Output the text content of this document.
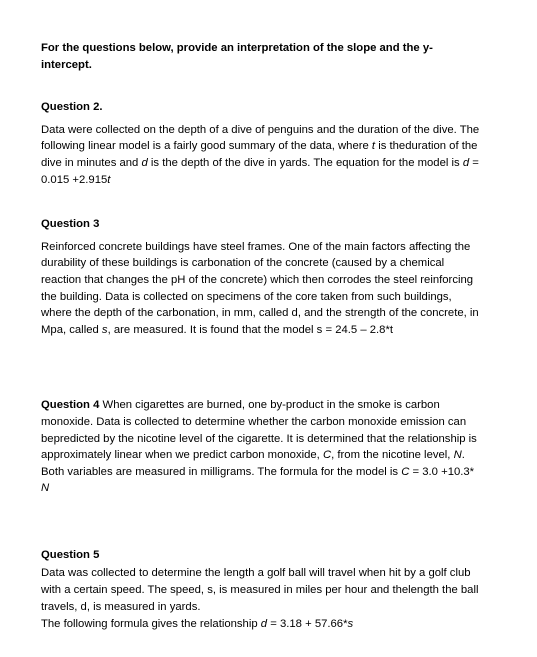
For the questions below, provide an interpretation of the slope and the y-intercept.

Question 2.

Data were collected on the depth of a dive of penguins and the duration of the dive. The following linear model is a fairly good summary of the data, where t is theduration of the dive in minutes and d is the depth of the dive in yards. The equation for the model is d = 0.015 +2.915t

Question 3

Reinforced concrete buildings have steel frames. One of the main factors affecting the durability of these buildings is carbonation of the concrete (caused by a chemical reaction that changes the pH of the concrete) which then corrodes the steel reinforcing the building. Data is collected on specimens of the core taken from such buildings, where the depth of the carbonation, in mm, called d, and the strength of the concrete, in Mpa, called s, are measured. It is found that the model s = 24.5 – 2.8*t

Question 4 When cigarettes are burned, one by-product in the smoke is carbon monoxide. Data is collected to determine whether the carbon monoxide emission can bepredicted by the nicotine level of the cigarette. It is determined that the relationship is approximately linear when we predict carbon monoxide, C, from the nicotine level, N. Both variables are measured in milligrams. The formula for the model is C = 3.0 +10.3* N

Question 5

Data was collected to determine the length a golf ball will travel when hit by a golf club with a certain speed. The speed, s, is measured in miles per hour and thelength the ball travels, d, is measured in yards.

The following formula gives the relationship d = 3.18 + 57.66*s
